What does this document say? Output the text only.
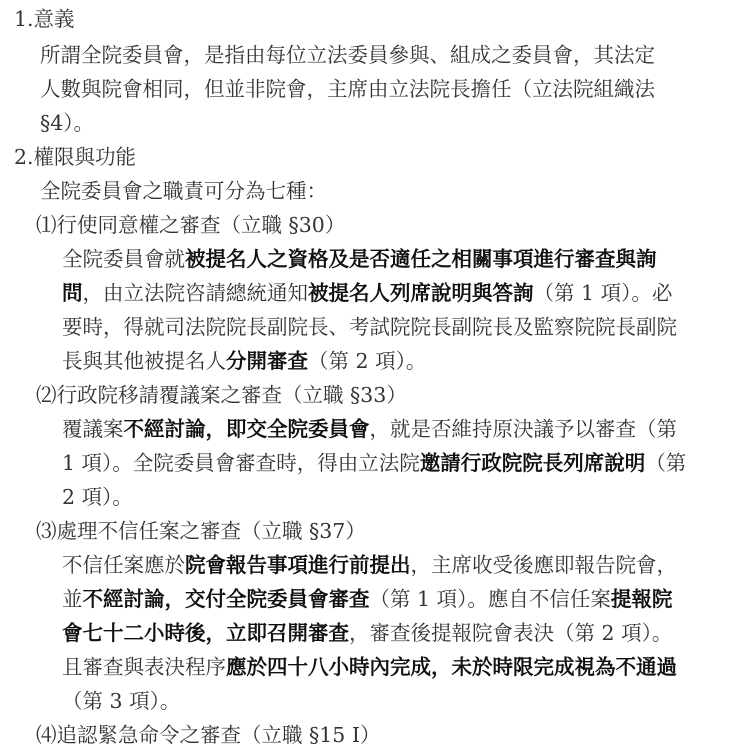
1.意義
所謂全院委員會，是指由每位立法委員參與、組成之委員會，其法定
人數與院會相同，但並非院會，主席由立法院長擔任（立法院組織法
§4）。
2.權限與功能
全院委員會之職責可分為七種：
⑴行使同意權之審查（立職 §30）
全院委員會就被提名人之資格及是否適任之相關事項進行審查與詢
問，由立法院咨請總統通知被提名人列席說明與答詢（第 1 項）。必
要時，得就司法院院長副院長、考試院院長副院長及監察院院長副院
長與其他被提名人分開審查（第 2 項）。
⑵行政院移請覆議案之審查（立職 §33）
覆議案不經討論，即交全院委員會，就是否維持原決議予以審查（第
1 項）。全院委員會審查時，得由立法院邀請行政院院長列席說明（第
2 項）。
⑶處理不信任案之審查（立職 §37）
不信任案應於院會報告事項進行前提出，主席收受後應即報告院會，
並不經討論，交付全院委員會審查（第 1 項）。應自不信任案提報院
會七十二小時後，立即召開審查，審查後提報院會表決（第 2 項）。
且審查與表決程序應於四十八小時內完成，未於時限完成視為不通過
（第 3 項）。
⑷追認緊急命令之審查（立職 §15 Ⅰ）
